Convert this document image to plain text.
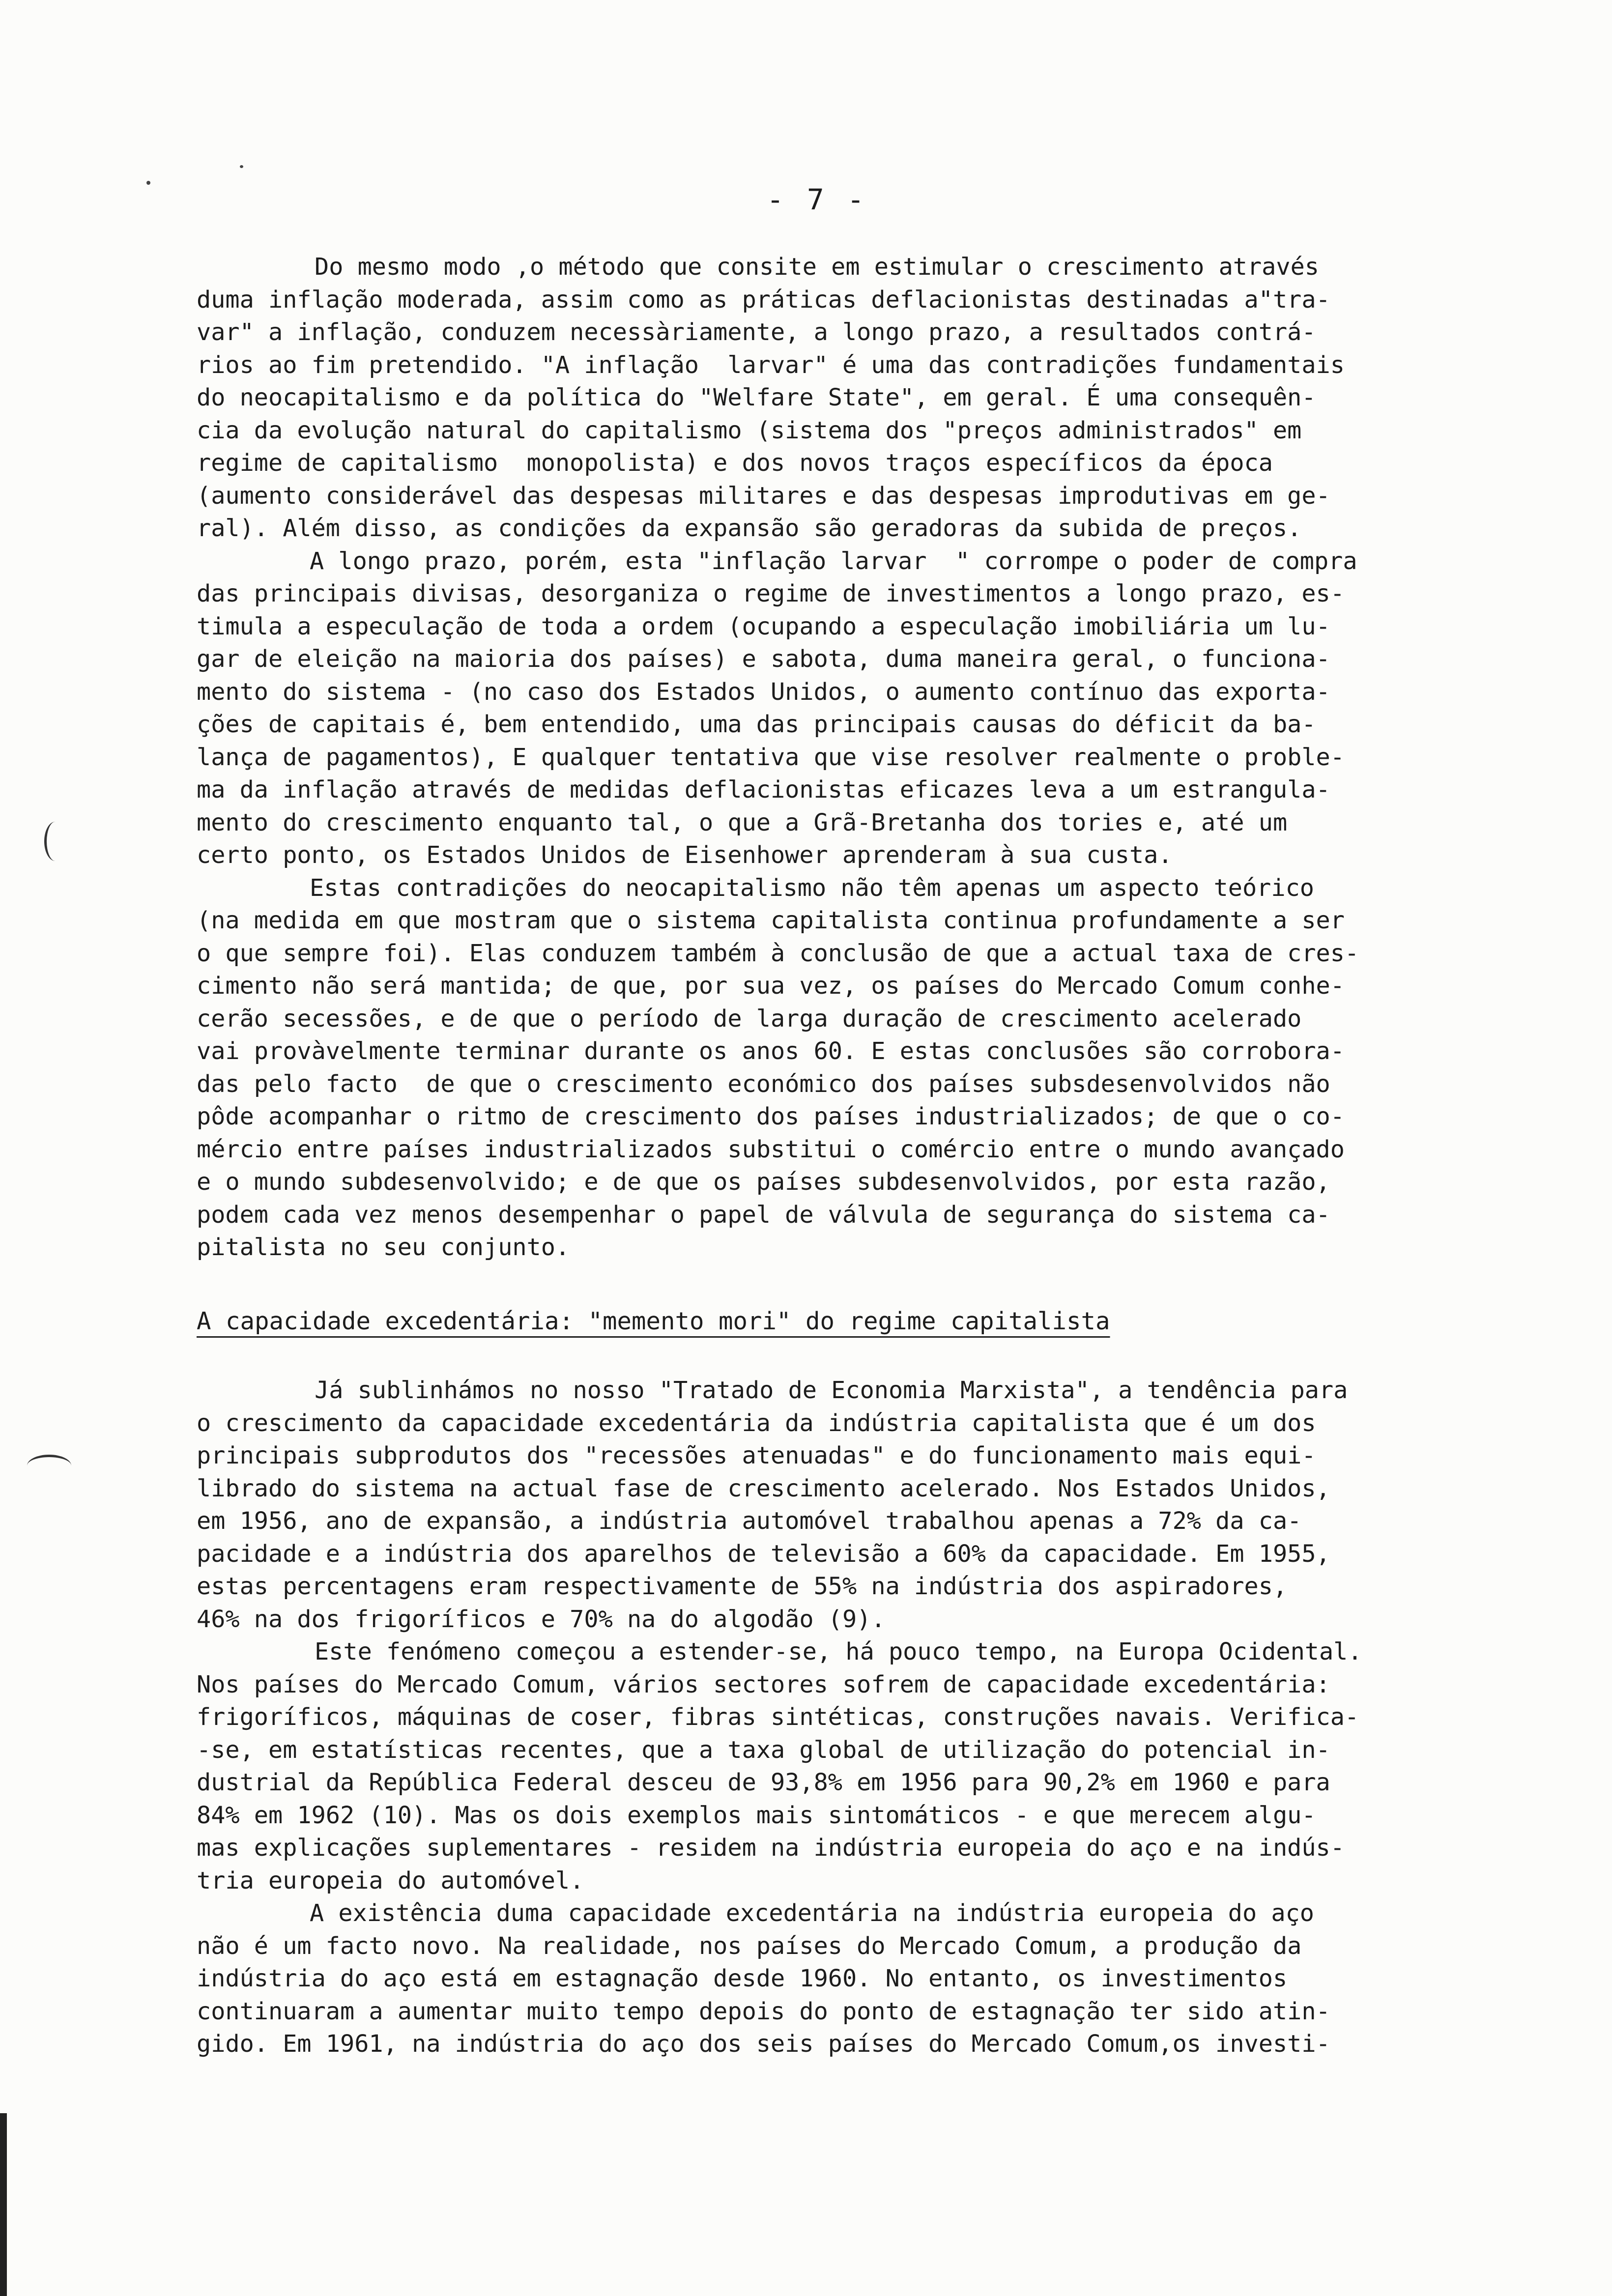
- 7 -
Do mesmo modo ,o método que consite em estimular o crescimento através
duma inflação moderada, assim como as práticas deflacionistas destinadas a"tra-
var" a inflação, conduzem necessàriamente, a longo prazo, a resultados contrá-
rios ao fim pretendido. "A inflação  larvar" é uma das contradições fundamentais
do neocapitalismo e da política do "Welfare State", em geral. É uma consequên-
cia da evolução natural do capitalismo (sistema dos "preços administrados" em
regime de capitalismo  monopolista) e dos novos traços específicos da época
(aumento considerável das despesas militares e das despesas improdutivas em ge-
ral). Além disso, as condições da expansão são geradoras da subida de preços.
A longo prazo, porém, esta "inflação larvar  " corrompe o poder de compra
das principais divisas, desorganiza o regime de investimentos a longo prazo, es-
timula a especulação de toda a ordem (ocupando a especulação imobiliária um lu-
gar de eleição na maioria dos países) e sabota, duma maneira geral, o funciona-
mento do sistema - (no caso dos Estados Unidos, o aumento contínuo das exporta-
ções de capitais é, bem entendido, uma das principais causas do déficit da ba-
lança de pagamentos), E qualquer tentativa que vise resolver realmente o proble-
ma da inflação através de medidas deflacionistas eficazes leva a um estrangula-
mento do crescimento enquanto tal, o que a Grã-Bretanha dos tories e, até um
certo ponto, os Estados Unidos de Eisenhower aprenderam à sua custa.
Estas contradições do neocapitalismo não têm apenas um aspecto teórico
(na medida em que mostram que o sistema capitalista continua profundamente a ser
o que sempre foi). Elas conduzem também à conclusão de que a actual taxa de cres-
cimento não será mantida; de que, por sua vez, os países do Mercado Comum conhe-
cerão secessões, e de que o período de larga duração de crescimento acelerado
vai provàvelmente terminar durante os anos 60. E estas conclusões são corrobora-
das pelo facto  de que o crescimento económico dos países subsdesenvolvidos não
pôde acompanhar o ritmo de crescimento dos países industrializados; de que o co-
mércio entre países industrializados substitui o comércio entre o mundo avançado
e o mundo subdesenvolvido; e de que os países subdesenvolvidos, por esta razão,
podem cada vez menos desempenhar o papel de válvula de segurança do sistema ca-
pitalista no seu conjunto.
A capacidade excedentária: "memento mori" do regime capitalista
Já sublinhámos no nosso "Tratado de Economia Marxista", a tendência para
o crescimento da capacidade excedentária da indústria capitalista que é um dos
principais subprodutos dos "recessões atenuadas" e do funcionamento mais equi-
librado do sistema na actual fase de crescimento acelerado. Nos Estados Unidos,
em 1956, ano de expansão, a indústria automóvel trabalhou apenas a 72% da ca-
pacidade e a indústria dos aparelhos de televisão a 60% da capacidade. Em 1955,
estas percentagens eram respectivamente de 55% na indústria dos aspiradores,
46% na dos frigoríficos e 70% na do algodão (9).
Este fenómeno começou a estender-se, há pouco tempo, na Europa Ocidental.
Nos países do Mercado Comum, vários sectores sofrem de capacidade excedentária:
frigoríficos, máquinas de coser, fibras sintéticas, construções navais. Verifica-
-se, em estatísticas recentes, que a taxa global de utilização do potencial in-
dustrial da República Federal desceu de 93,8% em 1956 para 90,2% em 1960 e para
84% em 1962 (10). Mas os dois exemplos mais sintomáticos - e que merecem algu-
mas explicações suplementares - residem na indústria europeia do aço e na indús-
tria europeia do automóvel.
A existência duma capacidade excedentária na indústria europeia do aço
não é um facto novo. Na realidade, nos países do Mercado Comum, a produção da
indústria do aço está em estagnação desde 1960. No entanto, os investimentos
continuaram a aumentar muito tempo depois do ponto de estagnação ter sido atin-
gido. Em 1961, na indústria do aço dos seis países do Mercado Comum,os investi-
